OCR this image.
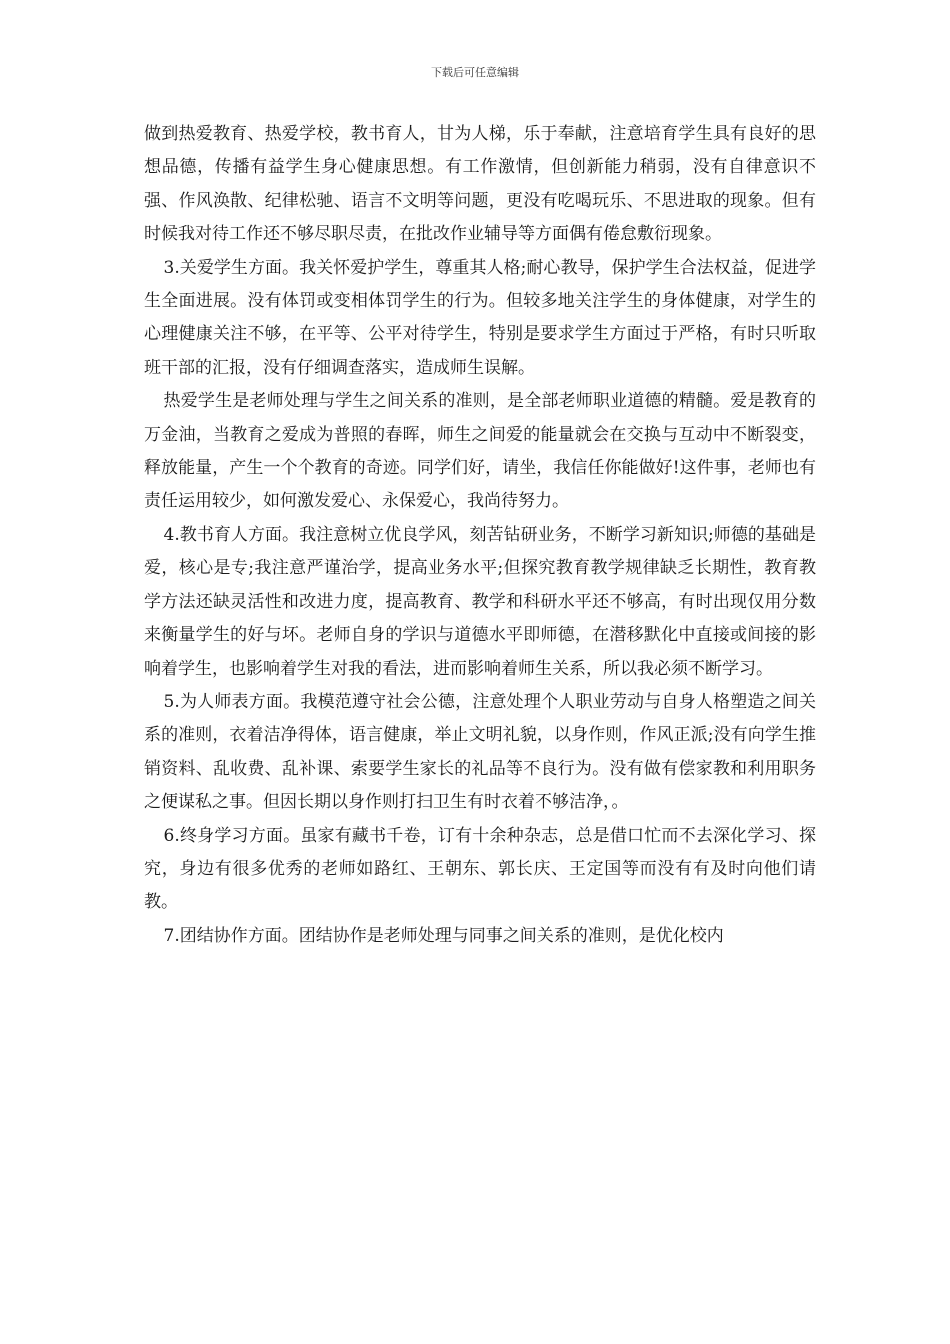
下载后可任意编辑

做到热爱教育、热爱学校，教书育人，甘为人梯，乐于奉献，注意培育学生具有良好的思想品德，传播有益学生身心健康思想。有工作激情，但创新能力稍弱，没有自律意识不强、作风涣散、纪律松驰、语言不文明等问题，更没有吃喝玩乐、不思进取的现象。但有时候我对待工作还不够尽职尽责，在批改作业辅导等方面偶有倦怠敷衍现象。

3.关爱学生方面。我关怀爱护学生，尊重其人格;耐心教导，保护学生合法权益，促进学生全面进展。没有体罚或变相体罚学生的行为。但较多地关注学生的身体健康，对学生的心理健康关注不够，在平等、公平对待学生，特别是要求学生方面过于严格，有时只听取班干部的汇报，没有仔细调查落实，造成师生误解。

热爱学生是老师处理与学生之间关系的准则，是全部老师职业道德的精髓。爱是教育的万金油，当教育之爱成为普照的春晖，师生之间爱的能量就会在交换与互动中不断裂变，释放能量，产生一个个教育的奇迹。同学们好，请坐，我信任你能做好!这件事，老师也有责任运用较少，如何激发爱心、永保爱心，我尚待努力。

4.教书育人方面。我注意树立优良学风，刻苦钻研业务，不断学习新知识;师德的基础是爱，核心是专;我注意严谨治学，提高业务水平;但探究教育教学规律缺乏长期性，教育教学方法还缺灵活性和改进力度，提高教育、教学和科研水平还不够高，有时出现仅用分数来衡量学生的好与坏。老师自身的学识与道德水平即师德，在潜移默化中直接或间接的影响着学生，也影响着学生对我的看法，进而影响着师生关系，所以我必须不断学习。

5.为人师表方面。我模范遵守社会公德，注意处理个人职业劳动与自身人格塑造之间关系的准则，衣着洁净得体，语言健康，举止文明礼貌，以身作则，作风正派;没有向学生推销资料、乱收费、乱补课、索要学生家长的礼品等不良行为。没有做有偿家教和利用职务之便谋私之事。但因长期以身作则打扫卫生有时衣着不够洁净，。

6.终身学习方面。虽家有藏书千卷，订有十余种杂志，总是借口忙而不去深化学习、探究，身边有很多优秀的老师如路红、王朝东、郭长庆、王定国等而没有有及时向他们请教。

7.团结协作方面。团结协作是老师处理与同事之间关系的准则，是优化校内
